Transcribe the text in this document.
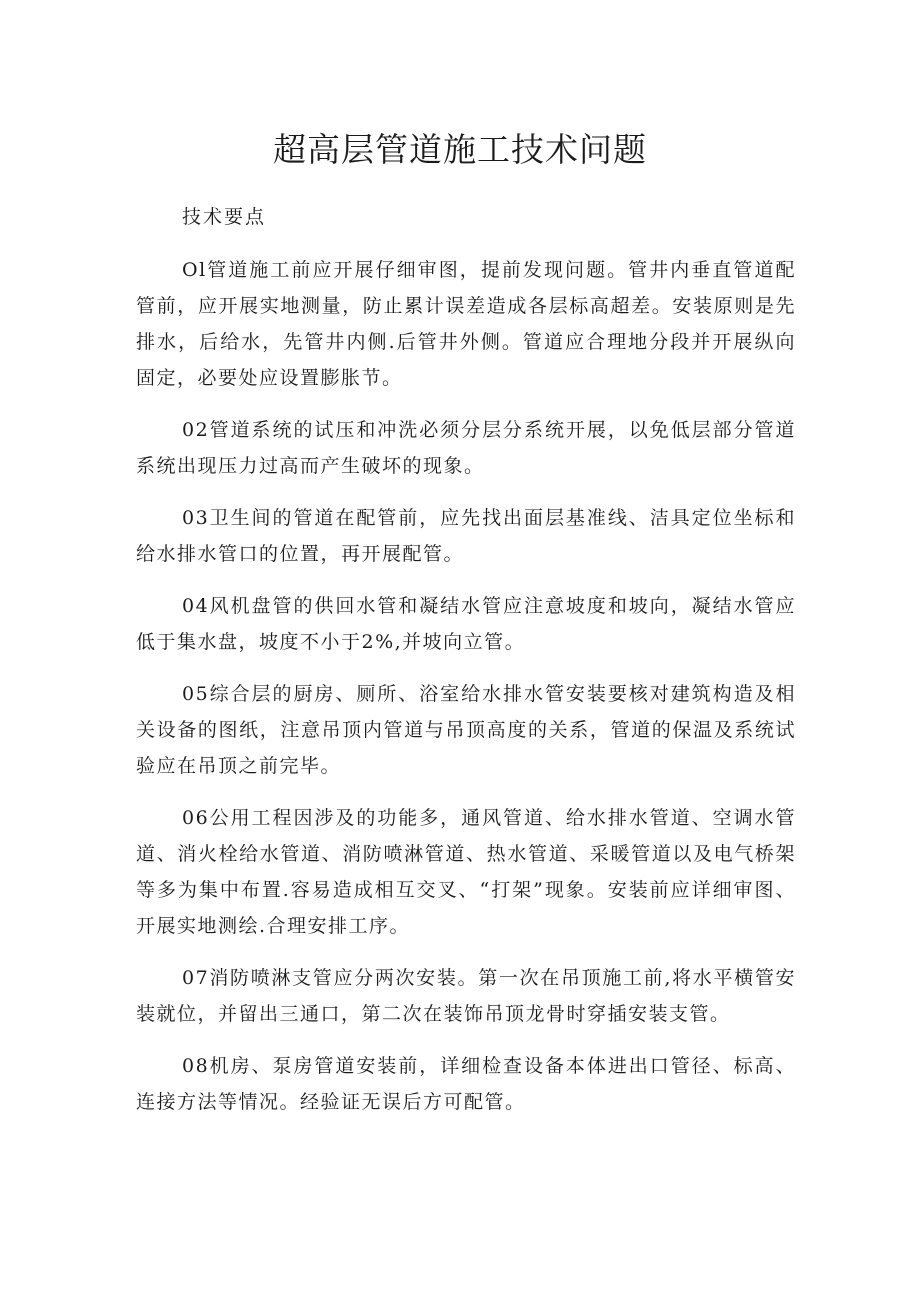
超高层管道施工技术问题
技术要点

Ol管道施工前应开展仔细审图，提前发现问题。管井内垂直管道配管前，应开展实地测量，防止累计误差造成各层标高超差。安装原则是先排水，后给水，先管井内侧.后管井外侧。管道应合理地分段并开展纵向固定，必要处应设置膨胀节。

02管道系统的试压和冲洗必须分层分系统开展，以免低层部分管道系统出现压力过高而产生破坏的现象。

03卫生间的管道在配管前，应先找出面层基准线、洁具定位坐标和给水排水管口的位置，再开展配管。

04风机盘管的供回水管和凝结水管应注意坡度和坡向，凝结水管应低于集水盘，坡度不小于2%,并坡向立管。

05综合层的厨房、厕所、浴室给水排水管安装要核对建筑构造及相关设备的图纸，注意吊顶内管道与吊顶高度的关系，管道的保温及系统试验应在吊顶之前完毕。

06公用工程因涉及的功能多，通风管道、给水排水管道、空调水管道、消火栓给水管道、消防喷淋管道、热水管道、采暖管道以及电气桥架等多为集中布置.容易造成相互交叉、“打架”现象。安装前应详细审图、开展实地测绘.合理安排工序。

07消防喷淋支管应分两次安装。第一次在吊顶施工前,将水平横管安装就位，并留出三通口，第二次在装饰吊顶龙骨时穿插安装支管。

08机房、泵房管道安装前，详细检查设备本体进出口管径、标高、连接方法等情况。经验证无误后方可配管。
